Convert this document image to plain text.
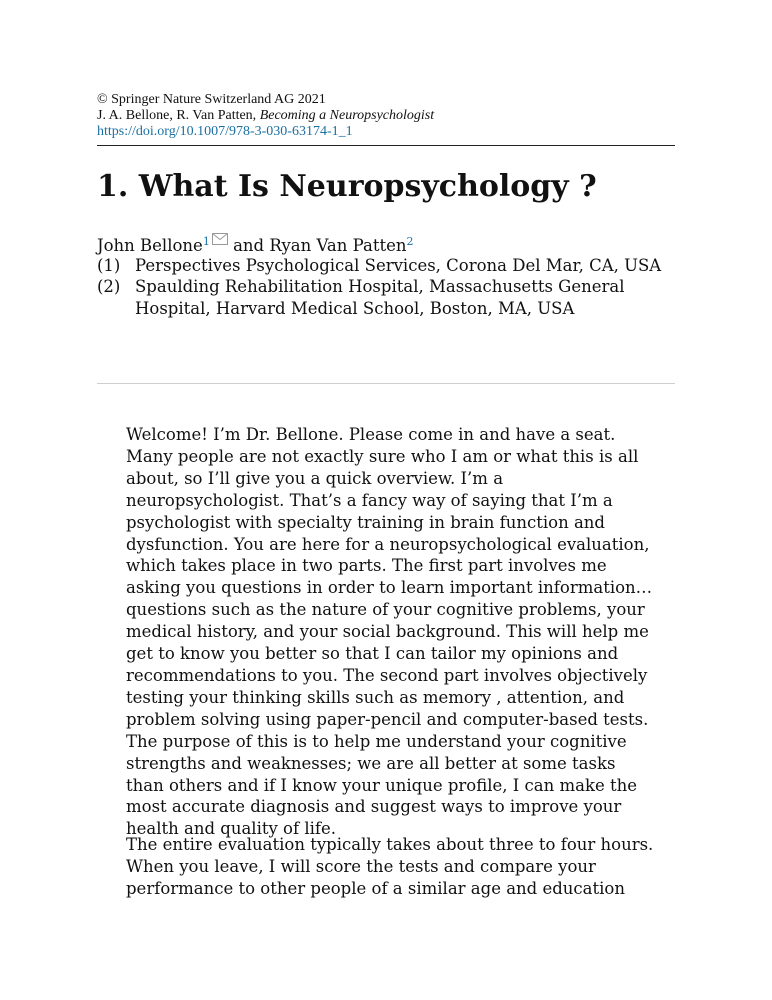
© Springer Nature Switzerland AG 2021
J. A. Bellone, R. Van Patten, Becoming a Neuropsychologist
https://doi.org/10.1007/978-3-030-63174-1_1
1. What Is Neuropsychology ?
John Bellone$^1$ and Ryan Van Patten$^2$
(1) Perspectives Psychological Services, Corona Del Mar, CA, USA
(2) Spaulding Rehabilitation Hospital, Massachusetts General Hospital, Harvard Medical School, Boston, MA, USA

Welcome! I’m Dr. Bellone. Please come in and have a seat. Many people are not exactly sure who I am or what this is all about, so I’ll give you a quick overview. I’m a neuropsychologist. That’s a fancy way of saying that I’m a psychologist with specialty training in brain function and dysfunction. You are here for a neuropsychological evaluation, which takes place in two parts. The first part involves me asking you questions in order to learn important information… questions such as the nature of your cognitive problems, your medical history, and your social background. This will help me get to know you better so that I can tailor my opinions and recommendations to you. The second part involves objectively testing your thinking skills such as memory , attention, and problem solving using paper-pencil and computer-based tests. The purpose of this is to help me understand your cognitive strengths and weaknesses; we are all better at some tasks than others and if I know your unique profile, I can make the most accurate diagnosis and suggest ways to improve your health and quality of life.

The entire evaluation typically takes about three to four hours. When you leave, I will score the tests and compare your performance to other people of a similar age and education
